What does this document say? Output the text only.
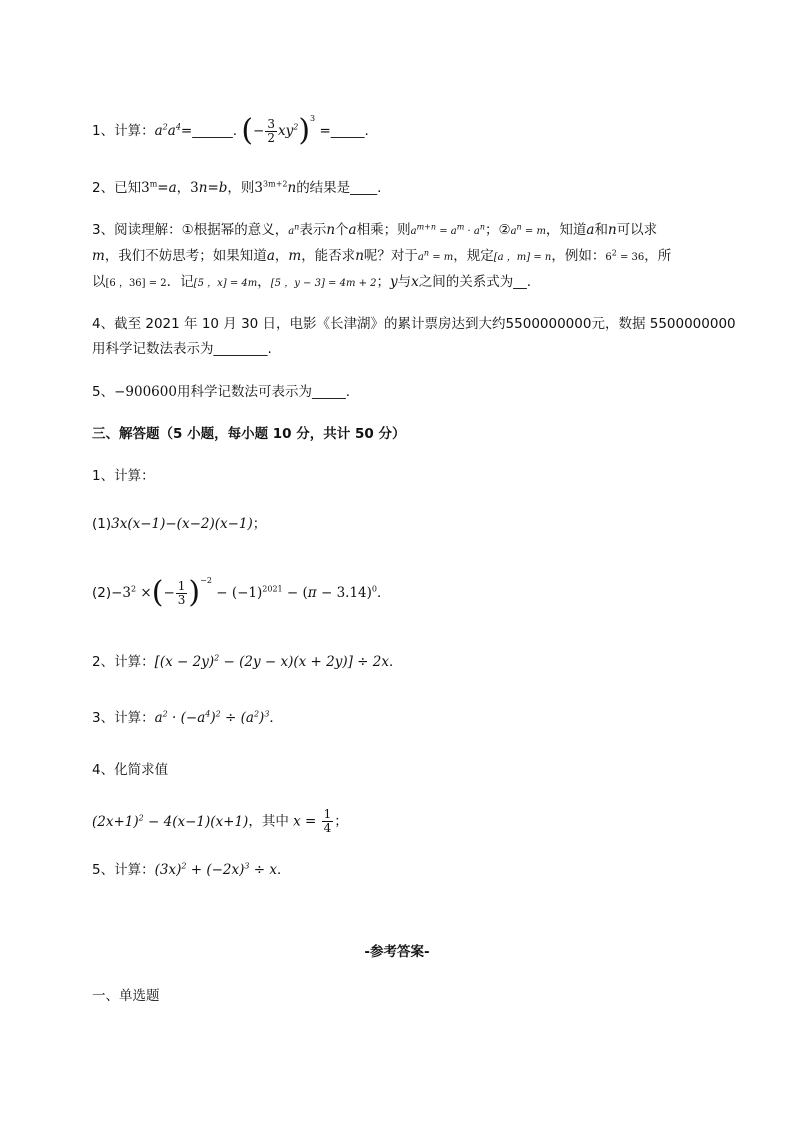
1、计算：$a^2a^4=\_\_\_\_\_\_$. (− $\frac{3}{2} xy^2)^3$ =_____.
2、已知$3^m=a$，3n=b，则$3^{3m+2}n$的结果是____.
3、阅读理解：①根据幂的意义，$a^n$表示n个a相乘；则$a^{m+n} = a^m \cdot a^n$；$②a^n = m$，知道a和n可以求
m，我们不妨思考；如果知道a，m，能否求n呢？对于$a^n = m$，规定[a ，m] = n，例如：$6^2 = 36$，所
以[6 ，36] = 2．记[5 ，x] = 4m，[5 ，y − 3] = 4m + 2；y与x之间的关系式为__.
4、截至 2021 年 10 月 30 日，电影《长津湖》的累计票房达到大约5500000000元，数据 5500000000
用科学记数法表示为________.
5、−900600用科学记数法可表示为_____.
三、解答题（5 小题，每小题 10 分，共计 50 分）
1、计算：
(1)3x(x−1)−(x−2)(x−1)；
$(2)-3^2$ ×(− $\frac{1}{3} )^{-2} - (-1)^{2021} - (\pi - 3.14)^0$．
2、计算：$[(x - 2y)^2 - (2y - x)(x + 2y)] \div 2x$．
3、计算：$a^2 \cdot (-a^4)^2 \div (a^2)^3$．
4、化简求值
$(2x+1)^2 - 4(x-1)(x+1)$，其中 $x = \frac{1}{4}$ ；
5、计算：$(3x)^2 + (-2x)^3 \div x$．
-参考答案-
一、单选题
